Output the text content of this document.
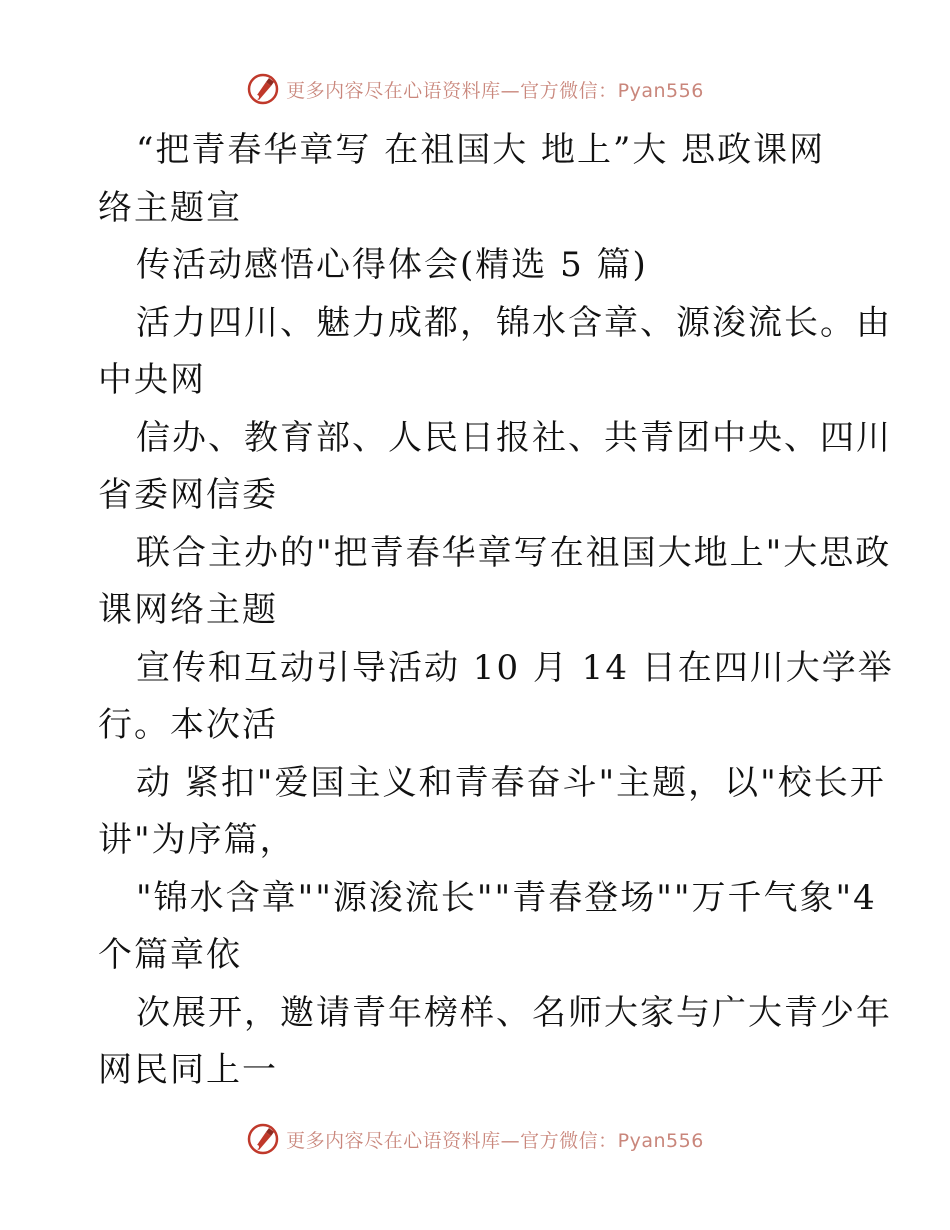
更多内容尽在心语资料库—官方微信：Pyan556
“把青春华章写 在祖国大 地上”大 思政课网
络主题宣
传活动感悟心得体会(精选 5 篇)
活力四川、魅力成都，锦水含章、源浚流长。由
中央网
信办、教育部、人民日报社、共青团中央、四川
省委网信委
联合主办的"把青春华章写在祖国大地上"大思政
课网络主题
宣传和互动引导活动 10 月 14 日在四川大学举
行。本次活
动 紧扣"爱国主义和青春奋斗"主题，以"校长开
讲"为序篇，
"锦水含章""源浚流长""青春登场""万千气象"4
个篇章依
次展开，邀请青年榜样、名师大家与广大青少年
网民同上一
更多内容尽在心语资料库—官方微信：Pyan556
